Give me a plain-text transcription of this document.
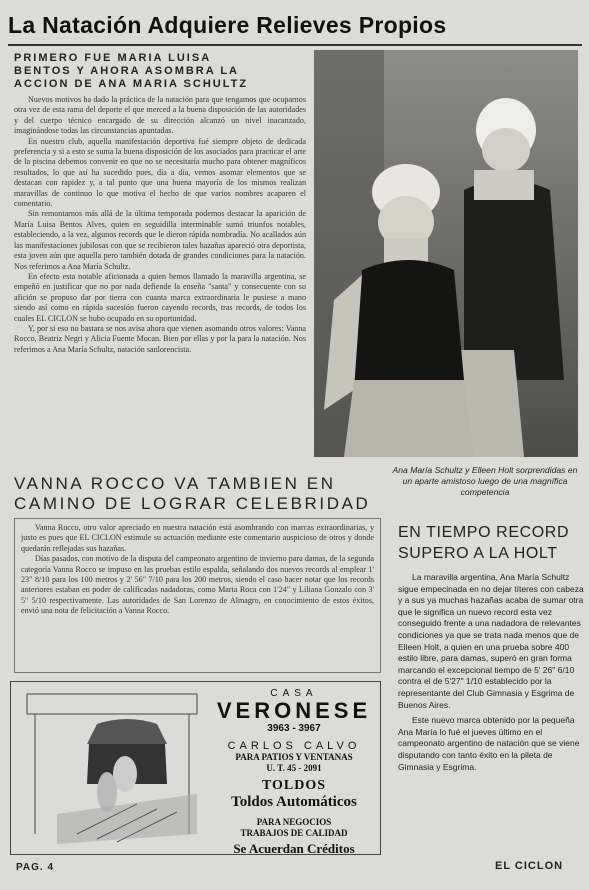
La Natación Adquiere Relieves Propios
PRIMERO FUE MARIA LUISA
BENTOS Y AHORA ASOMBRA LA
ACCION DE ANA MARIA SCHULTZ

Nuevos motivos ha dado la práctica de la natación para que tengamos que ocuparnos otra vez de esta rama del deporte el que merced a la buena disposición de las autoridades y del cuerpo técnico encargado de su dirección alcanzó un nivel inacanzado, imaginándose todas las circunstancias apuntadas.

En nuestro club, aquella manifestación deportiva fué siempre objeto de dedicada preferencia y si a esto se suma la buena disposición de los asociados para practicar el arte de la piscina debemos convenir en que no se necesitaría mucho para obtener magníficos resultados, lo que así ha sucedido pues, día a día, vemos asomar elementos que se destacan con rapidez y, a tal punto que una buena mayoría de los mismos realizan maravillas de continuo lo que motiva el hecho de que varios nombres acaparen el comentario.

Sin remontarnos más allá de la última temporada podemos destacar la aparición de María Luisa Bentos Alves, quien en seguidilla interminable sumó triunfos notables, estableciendo, a la vez, algunos records que le dieron rápida nombradía. No acallados aún las manifestaciones jubilosas con que se recibieron tales hazañas apareció otra deportista, esta joven aún que aquella pero también dotada de grandes condiciones para la natación. Nos referimos a Ana María Schultz.

En efecto esta notable aficionada a quien hemos llamado la maravilla argentina, se empeñó en justificar que no por nada defiende la enseña "santa" y consecuente con su afición se propuso dar por tierra con cuanta marca extraordinaria le pusiese a mano siendo así como en rápida sucesión fueron cayendo records, tras records, de todos los cuales EL CICLON se hubo ocupado en su oportunidad.

Y, por si eso no bastara se nos avisa ahora que vienen asomando otros valores: Vanna Rocco, Beatriz Negri y Alicia Fuente Mocan. Bien por ellas y por la para la natación. Nos referimos a Ana María Schultz, natación sanlorencista.

Ana María Schultz y Elleen Holt sorprendidas en un aparte amistoso luego de una magnífica competencia
VANNA ROCCO VA TAMBIEN EN
CAMINO DE LOGRAR CELEBRIDAD

Vanna Rocco, otro valor apreciado en nuestra natación está asombrando con marcas extraordinarias, y justo es pues que EL CICLON estimule su actuación mediante este comentario auspicioso de otros y donde quedarán reflejadas sus hazañas.

Días pasados, con motivo de la disputa del campeonato argentino de invierno para damas, de la segunda categoría Vanna Rocco se impuso en las pruebas estilo espalda, señalando dos nuevos records al emplear 1' 23" 8/10 para los 100 metros y 2' 56" 7/10 para los 200 metros, siendo el caso hacer notar que los records anteriores estaban en poder de calificadas nadadoras, como Marta Roca con 1'24" y Liliana Gonzalo con 3' 5" 5/10 respectivamente. Las autoridades de San Lorenzo de Almagro, en conocimiento de estos éxitos, envió una nota de felicitación a Vanna Rocco.

EN TIEMPO RECORD
SUPERO A LA HOLT

La maravilla argentina, Ana María Schultz sigue empecinada en no dejar títeres con cabeza y a sus ya muchas hazañas acaba de sumar otra que le significa un nuevo record esta vez conseguido frente a una nadadora de relevantes condiciones ya que se trata nada menos que de Elleen Holt, a quien en una prueba sobre 400 estilo libre, para damas, superó en gran forma marcando el excepcional tiempo de 5' 26" 6/10 contra el de 5'27" 1/10 establecido por la representante del Club Gimnasia y Esgrima de Buenos Aires.

Este nuevo marca obtenido por la pequeña Ana María lo fué el jueves último en el campeonato argentino de natación que se viene disputando con tanto éxito en la pileta de Gimnasia y Esgrima.

CASA
VERONESE
3963 - 3967
CARLOS CALVO
PARA PATIOS Y VENTANAS
U. T. 45 - 2091
TOLDOS
Toldos Automáticos
PARA NEGOCIOS
TRABAJOS DE CALIDAD
Se Acuerdan Créditos
PAG. 4	EL CICLON
